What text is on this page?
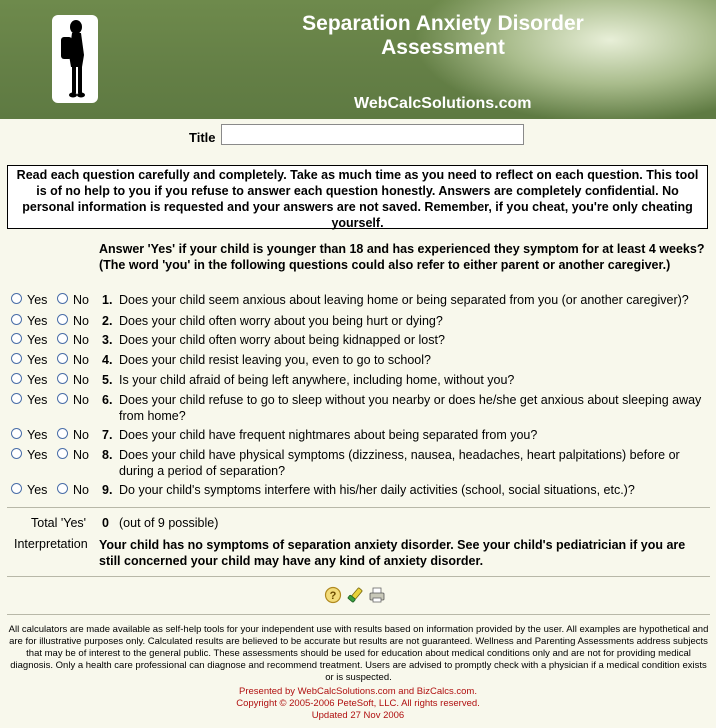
Separation Anxiety Disorder
Assessment
WebCalcSolutions.com
Title
Read each question carefully and completely. Take as much time as you need to reflect on each question. This tool is of no help to you if you refuse to answer each question honestly. Answers are completely confidential. No personal information is requested and your answers are not saved. Remember, if you cheat, you're only cheating yourself.
Answer 'Yes' if your child is younger than 18 and has experienced they symptom for at least 4 weeks? (The word 'you' in the following questions could also refer to either parent or another caregiver.)
Yes No 1. Does your child seem anxious about leaving home or being separated from you (or another caregiver)?
Yes No 2. Does your child often worry about you being hurt or dying?
Yes No 3. Does your child often worry about being kidnapped or lost?
Yes No 4. Does your child resist leaving you, even to go to school?
Yes No 5. Is your child afraid of being left anywhere, including home, without you?
Yes No 6. Does your child refuse to go to sleep without you nearby or does he/she get anxious about sleeping away from home?
Yes No 7. Does your child have frequent nightmares about being separated from you?
Yes No 8. Does your child have physical symptoms (dizziness, nausea, headaches, heart palpitations) before or during a period of separation?
Yes No 9. Do your child's symptoms interfere with his/her daily activities (school, social situations, etc.)?
Total 'Yes' 0 (out of 9 possible)
Interpretation Your child has no symptoms of separation anxiety disorder. See your child's pediatrician if you are still concerned your child may have any kind of anxiety disorder.
?
All calculators are made available as self-help tools for your independent use with results based on information provided by the user. All examples are hypothetical and are for illustrative purposes only. Calculated results are believed to be accurate but results are not guaranteed. Wellness and Parenting Assessments address subjects that may be of interest to the general public. These assessments should be used for education about medical conditions only and are not for providing medical diagnosis. Only a health care professional can diagnose and recommend treatment. Users are advised to promptly check with a physician if a medical condition exists or is suspected.
Presented by WebCalcSolutions.com and BizCalcs.com.
Copyright © 2005-2006 PeteSoft, LLC. All rights reserved.
Updated 27 Nov 2006
